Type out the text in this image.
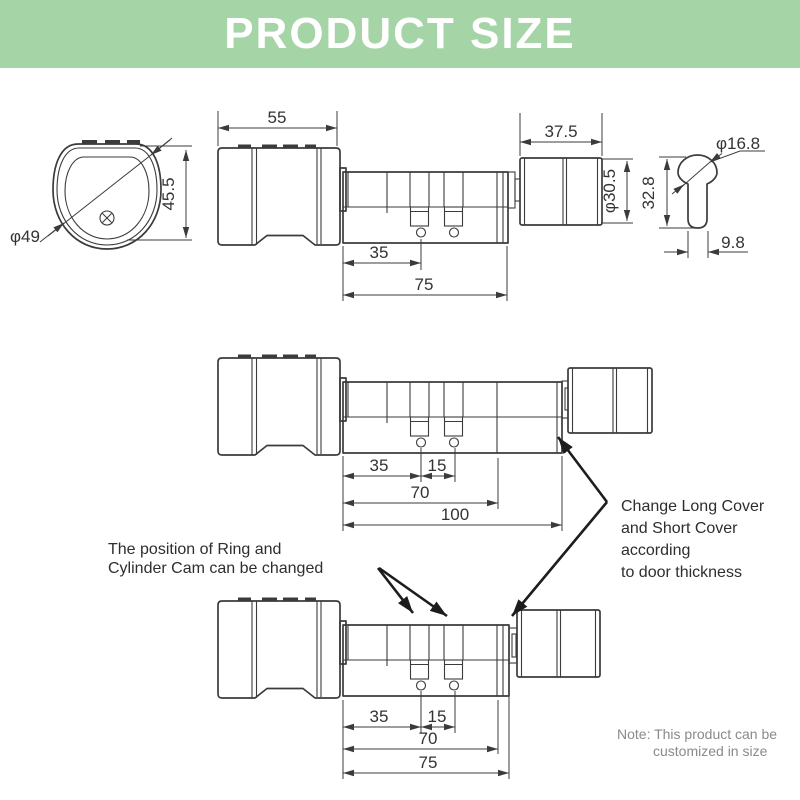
PRODUCT SIZE
φ49
45.5
55
35
75
37.5
φ30.5
φ16.8
32.8
9.8
35 15
70
100
35 15
70
75
The position of Ring and
Cylinder Cam can be changed
Change Long Cover
and Short Cover
according
to door thickness
Note: This product can be
customized in size
